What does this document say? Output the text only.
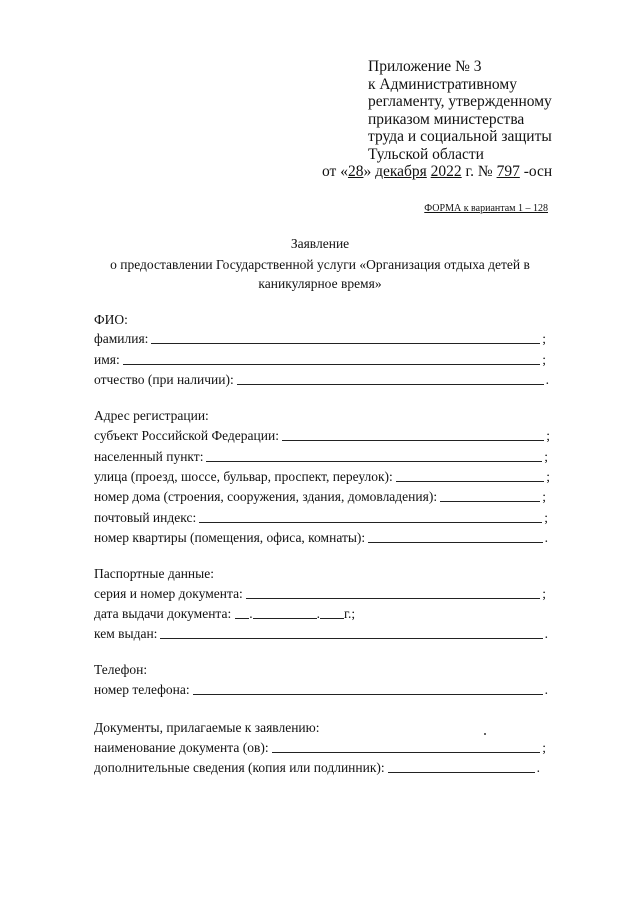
Приложение № 3
к Административному
регламенту, утвержденному
приказом министерства
труда и социальной защиты
Тульской области
от «28» декабря 2022 г. № 797 -осн
ФОРМА к вариантам 1 – 128
Заявление
о предоставлении Государственной услуги «Организация отдыха детей в
каникулярное время»
ФИО:
фамилия:	;
имя:	;
отчество (при наличии):	.
Адрес регистрации:
субъект Российской Федерации:	;
населенный пункт:	;
улица (проезд, шоссе, бульвар, проспект, переулок):	;
номер дома (строения, сооружения, здания, домовладения):	;
почтовый индекс:	;
номер квартиры (помещения, офиса, комнаты):	.
Паспортные данные:
серия и номер документа:	;
дата выдачи документа: .	. г.;
кем выдан:	.
Телефон:
номер телефона:	.
Документы, прилагаемые к заявлению:
наименование документа (ов):	;
дополнительные сведения (копия или подлинник):	.
